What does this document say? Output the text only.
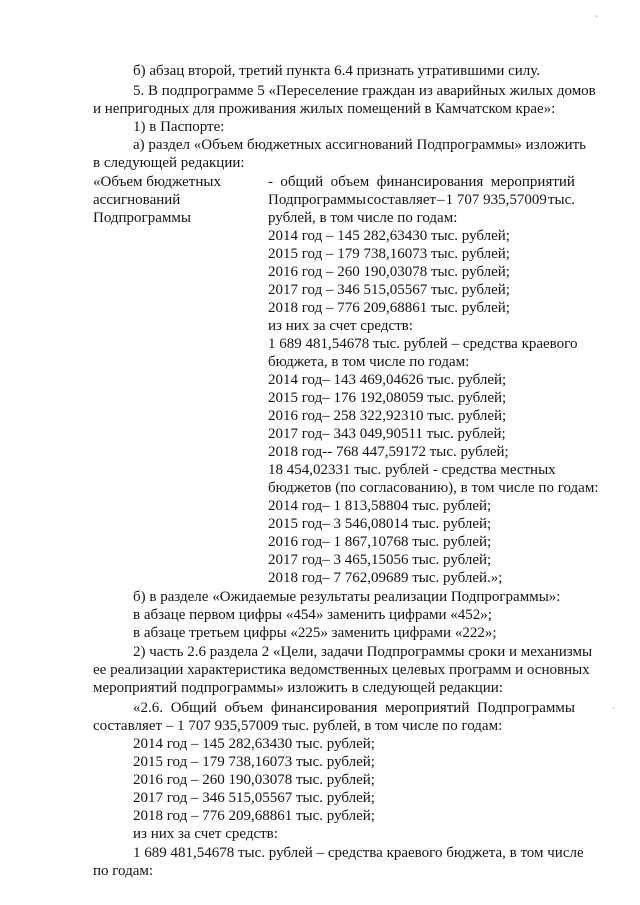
'
б) абзац второй, третий пункта 6.4 признать утратившими силу.
5. В подпрограмме 5 «Переселение граждан из аварийных жилых домов
и непригодных для проживания жилых помещений в Камчатском крае»:
1) в Паспорте:
а) раздел «Объем бюджетных ассигнований Подпрограммы» изложить
в следующей редакции:
«Объем бюджетных
ассигнований
Подпрограммы
- общий объем финансирования мероприятий
Подпрограммы составляет – 1 707 935,57009 тыс.
рублей, в том числе по годам:
2014 год – 145 282,63430 тыс. рублей;
2015 год – 179 738,16073 тыс. рублей;
2016 год – 260 190,03078 тыс. рублей;
2017 год – 346 515,05567 тыс. рублей;
2018 год – 776 209,68861 тыс. рублей;
из них за счет средств:
1 689 481,54678 тыс. рублей – средства краевого
бюджета, в том числе по годам:
2014 год– 143 469,04626 тыс. рублей;
2015 год– 176 192,08059 тыс. рублей;
2016 год– 258 322,92310 тыс. рублей;
2017 год– 343 049,90511 тыс. рублей;
2018 год-- 768 447,59172 тыс. рублей;
18 454,02331 тыс. рублей - средства местных
бюджетов (по согласованию), в том числе по годам:
2014 год– 1 813,58804 тыс. рублей;
2015 год– 3 546,08014 тыс. рублей;
2016 год– 1 867,10768 тыс. рублей;
2017 год– 3 465,15056 тыс. рублей;
2018 год– 7 762,09689 тыс. рублей.»;
б) в разделе «Ожидаемые результаты реализации Подпрограммы»:
в абзаце первом цифры «454» заменить цифрами «452»;
в абзаце третьем цифры «225» заменить цифрами «222»;
2) часть 2.6 раздела 2 «Цели, задачи Подпрограммы сроки и механизмы
ее реализации характеристика ведомственных целевых программ и основных
мероприятий подпрограммы» изложить в следующей редакции:
«2.6. Общий объем финансирования мероприятий Подпрограммы	·
составляет – 1 707 935,57009 тыс. рублей, в том числе по годам:
2014 год – 145 282,63430 тыс. рублей;
2015 год – 179 738,16073 тыс. рублей;
2016 год – 260 190,03078 тыс. рублей;
2017 год – 346 515,05567 тыс. рублей;
2018 год – 776 209,68861 тыс. рублей;
из них за счет средств:
1 689 481,54678 тыс. рублей – средства краевого бюджета, в том числе
по годам:
